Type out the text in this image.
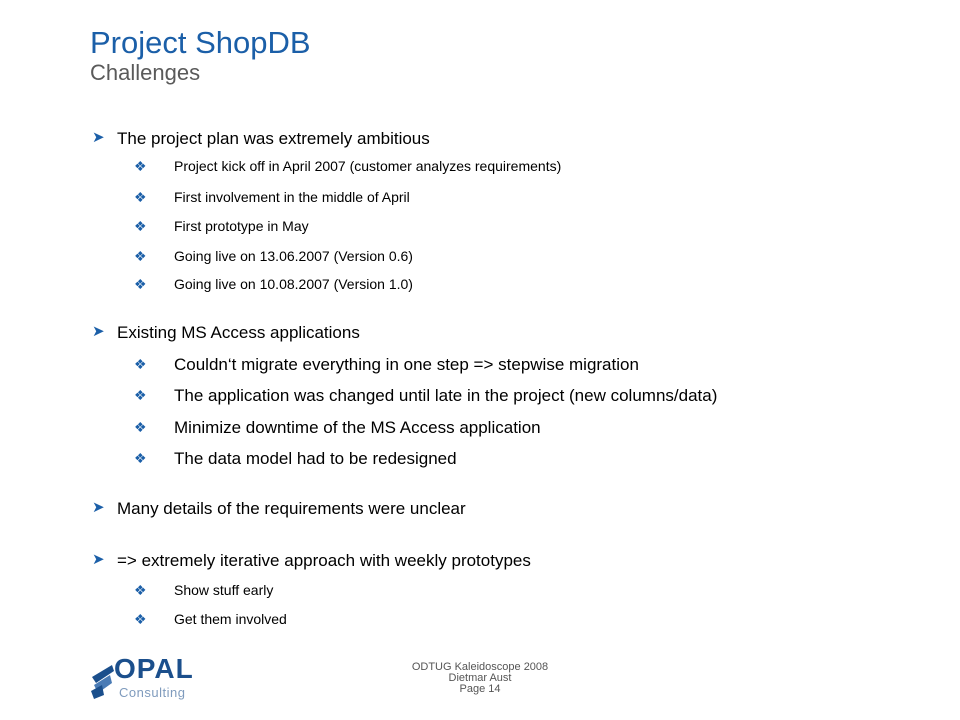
Project ShopDB
Challenges
➤ The project plan was extremely ambitious
❖ Project kick off in April 2007 (customer analyzes requirements)
❖ First involvement in the middle of April
❖ First prototype in May
❖ Going live on 13.06.2007 (Version 0.6)
❖ Going live on 10.08.2007 (Version 1.0)
➤ Existing MS Access applications
❖ Couldn‘t migrate everything in one step => stepwise migration
❖ The application was changed until late in the project (new columns/data)
❖ Minimize downtime of the MS Access application
❖ The data model had to be redesigned
➤ Many details of the requirements were unclear
➤ => extremely iterative approach with weekly prototypes
❖ Show stuff early
❖ Get them involved
OPAL
Consulting
ODTUG Kaleidoscope 2008
Dietmar Aust
Page 14
